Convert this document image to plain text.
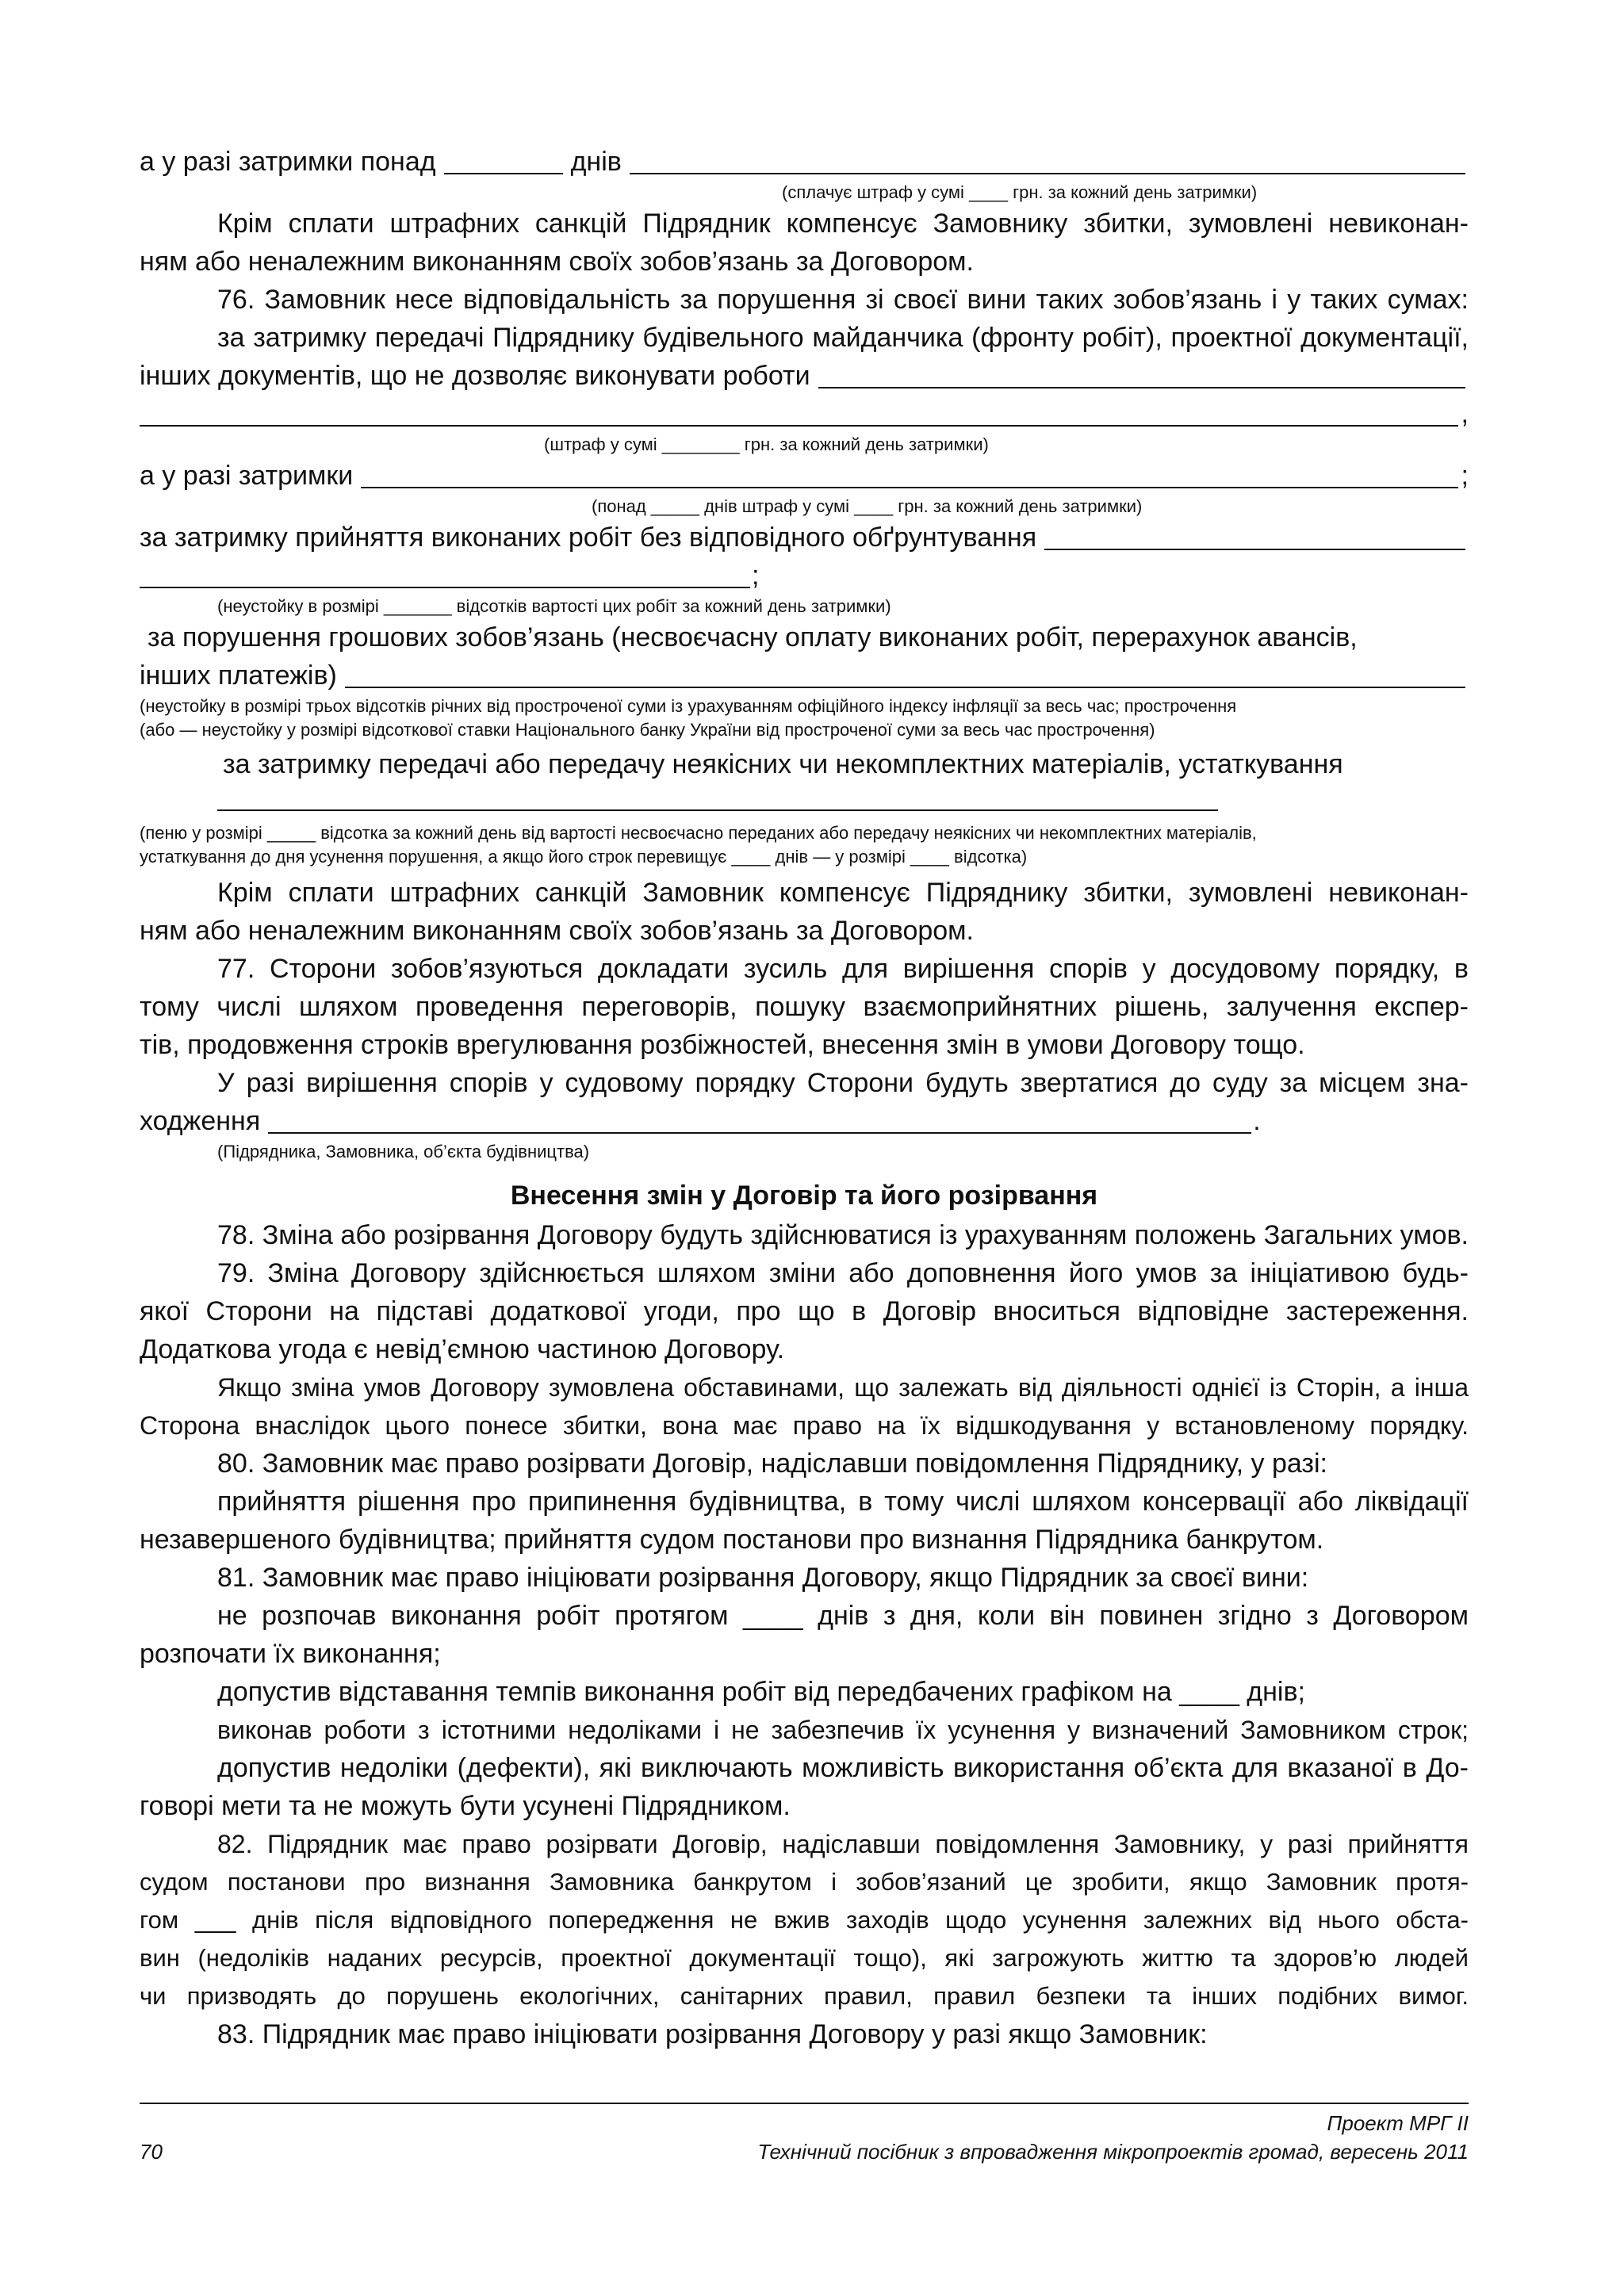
а у разі затримки понад	днів
(сплачує штраф у сумі ____ грн. за кожний день затримки)
Крім сплати штрафних санкцій Підрядник компенсує Замовнику збитки, зумовлені невиконан-
ням або неналежним виконанням своїх зобов’язань за Договором.
76. Замовник несе відповідальність за порушення зі своєї вини таких зобов’язань і у таких сумах:
за затримку передачі Підряднику будівельного майданчика (фронту робіт), проектної документації,
інших документів, що не дозволяє виконувати роботи
,
(штраф у сумі ________ грн. за кожний день затримки)
а у разі затримки	;
(понад _____ днів штраф у сумі ____ грн. за кожний день затримки)
за затримку прийняття виконаних робіт без відповідного обґрунтування
;
(неустойку в розмірі _______ відсотків вартості цих робіт за кожний день затримки)
за порушення грошових зобов’язань (несвоєчасну оплату виконаних робіт, перерахунок авансів,
інших платежів)
(неустойку в розмірі трьох відсотків річних від простроченої суми із урахуванням офіційного індексу інфляції за весь час; прострочення
(або — неустойку у розмірі відсоткової ставки Національного банку України від простроченої суми за весь час прострочення)
за затримку передачі або передачу неякісних чи некомплектних матеріалів, устаткування
(пеню у розмірі _____ відсотка за кожний день від вартості несвоєчасно переданих або передачу неякісних чи некомплектних матеріалів,
устаткування до дня усунення порушення, а якщо його строк перевищує ____ днів — у розмірі ____ відсотка)
Крім сплати штрафних санкцій Замовник компенсує Підряднику збитки, зумовлені невиконан-
ням або неналежним виконанням своїх зобов’язань за Договором.
77. Сторони зобов’язуються докладати зусиль для вирішення спорів у досудовому порядку, в
тому числі шляхом проведення переговорів, пошуку взаємоприйнятних рішень, залучення експер-
тів, продовження строків врегулювання розбіжностей, внесення змін в умови Договору тощо.
У разі вирішення спорів у судовому порядку Сторони будуть звертатися до суду за місцем зна-
ходження	.
(Підрядника, Замовника, об’єкта будівництва)
Внесення змін у Договір та його розірвання
78. Зміна або розірвання Договору будуть здійснюватися із урахуванням положень Загальних умов.
79. Зміна Договору здійснюється шляхом зміни або доповнення його умов за ініціативою будь-
якої Сторони на підставі додаткової угоди, про що в Договір вноситься відповідне застереження.
Додаткова угода є невід’ємною частиною Договору.
Якщо зміна умов Договору зумовлена обставинами, що залежать від діяльності однієї із Сторін, а інша
Сторона внаслідок цього понесе збитки, вона має право на їх відшкодування у встановленому порядку.
80. Замовник має право розірвати Договір, надіславши повідомлення Підряднику, у разі:
прийняття рішення про припинення будівництва, в тому числі шляхом консервації або ліквідації
незавершеного будівництва; прийняття судом постанови про визнання Підрядника банкрутом.
81. Замовник має право ініціювати розірвання Договору, якщо Підрядник за своєї вини:
не розпочав виконання робіт протягом ____ днів з дня, коли він повинен згідно з Договором
розпочати їх виконання;
допустив відставання темпів виконання робіт від передбачених графіком на ____ днів;
виконав роботи з істотними недоліками і не забезпечив їх усунення у визначений Замовником строк;
допустив недоліки (дефекти), які виключають можливість використання об’єкта для вказаної в До-
говорі мети та не можуть бути усунені Підрядником.
82. Підрядник має право розірвати Договір, надіславши повідомлення Замовнику, у разі прийняття
судом постанови про визнання Замовника банкрутом і зобов’язаний це зробити, якщо Замовник протя-
гом ___ днів після відповідного попередження не вжив заходів щодо усунення залежних від нього обста-
вин (недоліків наданих ресурсів, проектної документації тощо), які загрожують життю та здоров’ю людей
чи призводять до порушень екологічних, санітарних правил, правил безпеки та інших подібних вимог.
83. Підрядник має право ініціювати розірвання Договору у разі якщо Замовник:
Проект МРГ ІІ
Технічний посібник з впровадження мікропроектів громад, вересень 2011
70
